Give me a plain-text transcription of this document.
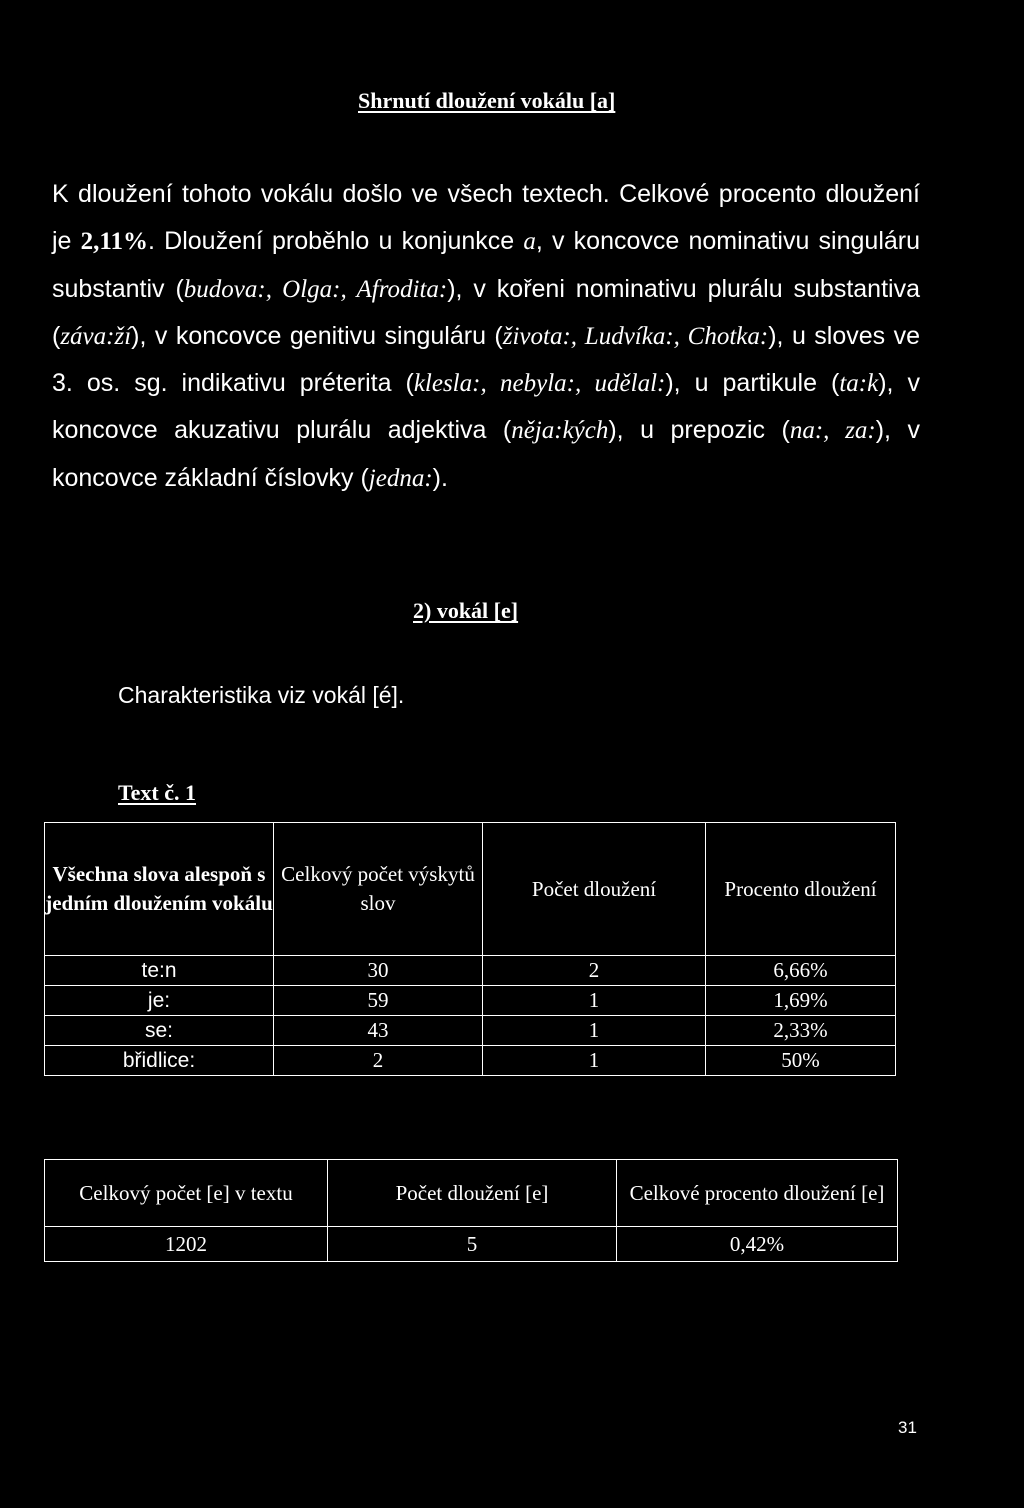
Shrnutí dloužení vokálu [a]
K dloužení tohoto vokálu došlo ve všech textech. Celkové procento dloužení je 2,11%. Dloužení proběhlo u konjunkce a, v koncovce nominativu singuláru substantiv (budova:, Olga:, Afrodita:), v kořeni nominativu plurálu substantiva (záva:ží), v koncovce genitivu singuláru (života:, Ludvíka:, Chotka:), u sloves ve 3. os. sg. indikativu préterita (klesla:, nebyla:, udělal:), u partikule (ta:k), v koncovce akuzativu plurálu adjektiva (něja:kých), u prepozic (na:, za:), v koncovce základní číslovky (jedna:).
2) vokál [e]
Charakteristika viz vokál [é].
Text č. 1
Všechna slova alespoň s jedním dloužením vokálu	Celkový počet výskytů slov	Počet dloužení	Procento dloužení
te:n	30	2	6,66%
je:	59	1	1,69%
se:	43	1	2,33%
břidlice:	2	1	50%
Celkový počet [e] v textu	Počet dloužení [e]	Celkové procento dloužení [e]
1202	5	0,42%
31
